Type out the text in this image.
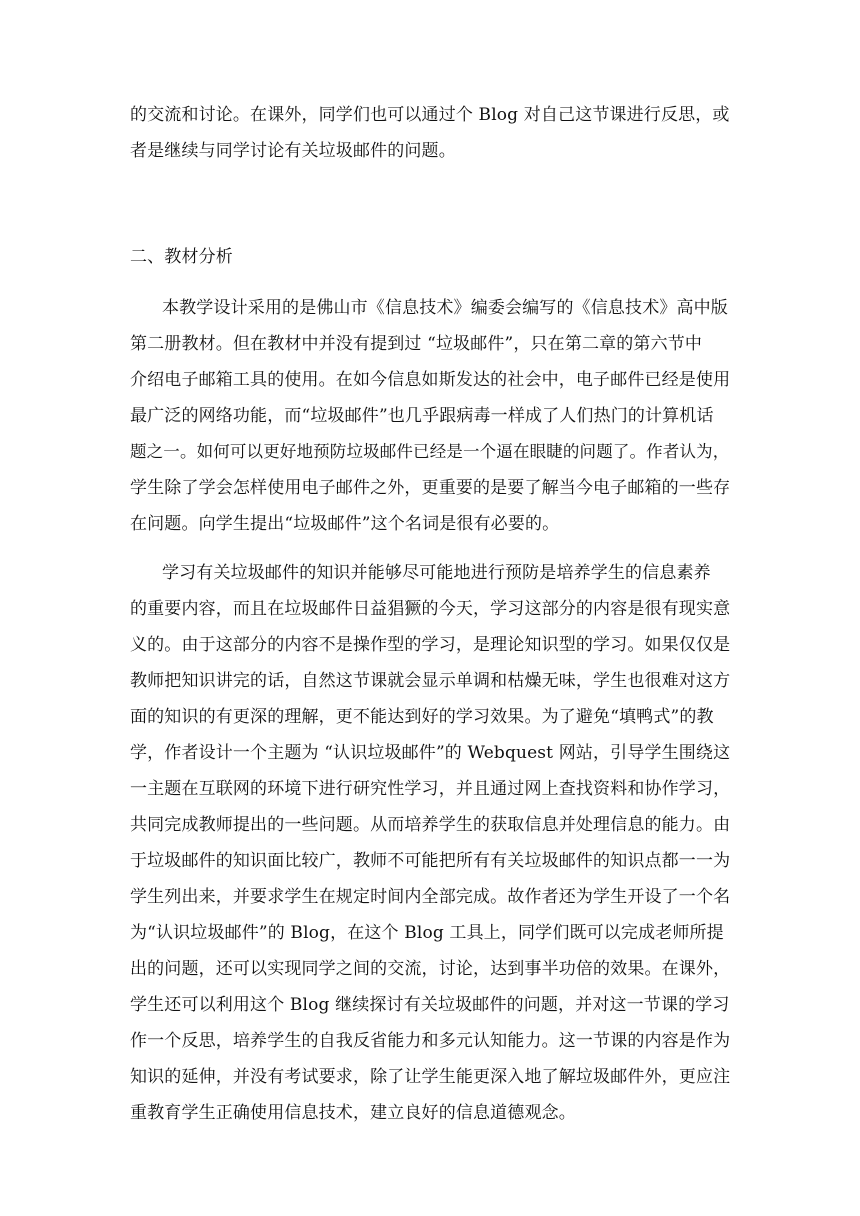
的交流和讨论。在课外，同学们也可以通过个 Blog 对自己这节课进行反思，或
者是继续与同学讨论有关垃圾邮件的问题。
二、教材分析
本教学设计采用的是佛山市《信息技术》编委会编写的《信息技术》高中版
第二册教材。但在教材中并没有提到过 “垃圾邮件”，只在第二章的第六节中
介绍电子邮箱工具的使用。在如今信息如斯发达的社会中，电子邮件已经是使用
最广泛的网络功能，而“垃圾邮件”也几乎跟病毒一样成了人们热门的计算机话
题之一。如何可以更好地预防垃圾邮件已经是一个逼在眼睫的问题了。作者认为，
学生除了学会怎样使用电子邮件之外，更重要的是要了解当今电子邮箱的一些存
在问题。向学生提出“垃圾邮件”这个名词是很有必要的。
学习有关垃圾邮件的知识并能够尽可能地进行预防是培养学生的信息素养
的重要内容，而且在垃圾邮件日益猖獗的今天，学习这部分的内容是很有现实意
义的。由于这部分的内容不是操作型的学习，是理论知识型的学习。如果仅仅是
教师把知识讲完的话，自然这节课就会显示单调和枯燥无味，学生也很难对这方
面的知识的有更深的理解，更不能达到好的学习效果。为了避免“填鸭式”的教
学，作者设计一个主题为 “认识垃圾邮件”的 Webquest 网站，引导学生围绕这
一主题在互联网的环境下进行研究性学习，并且通过网上查找资料和协作学习，
共同完成教师提出的一些问题。从而培养学生的获取信息并处理信息的能力。由
于垃圾邮件的知识面比较广，教师不可能把所有有关垃圾邮件的知识点都一一为
学生列出来，并要求学生在规定时间内全部完成。故作者还为学生开设了一个名
为“认识垃圾邮件”的 Blog，在这个 Blog 工具上，同学们既可以完成老师所提
出的问题，还可以实现同学之间的交流，讨论，达到事半功倍的效果。在课外，
学生还可以利用这个 Blog 继续探讨有关垃圾邮件的问题，并对这一节课的学习
作一个反思，培养学生的自我反省能力和多元认知能力。这一节课的内容是作为
知识的延伸，并没有考试要求，除了让学生能更深入地了解垃圾邮件外，更应注
重教育学生正确使用信息技术，建立良好的信息道德观念。
